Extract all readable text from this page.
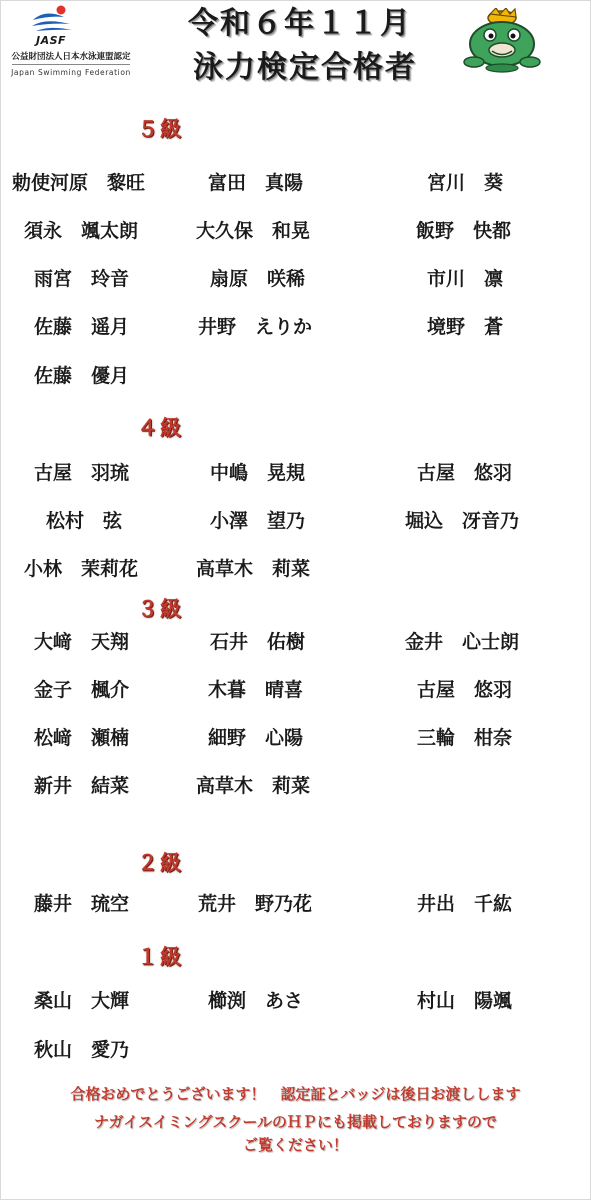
JASF
公益財団法人日本水泳連盟認定
Japan Swimming Federation
令和６年１１月
泳力検定合格者
５級
勅使河原　黎旺	富田　真陽	宮川　葵
須永　颯太朗	大久保　和晃	飯野　快都
雨宮　玲音	扇原　咲稀	市川　凛
佐藤　遥月	井野　えりか	境野　蒼
佐藤　優月
４級
古屋　羽琉	中嶋　晃規	古屋　悠羽
松村　弦	小澤　望乃	堀込　冴音乃
小林　茉莉花	高草木　莉菜
３級
大﨑　天翔	石井　佑樹	金井　心士朗
金子　楓介	木暮　晴喜	古屋　悠羽
松﨑　瀬楠	細野　心陽	三輪　柑奈
新井　結菜	高草木　莉菜
２級
藤井　琉空	荒井　野乃花	井出　千紘
１級
桑山　大輝	櫛渕　あさ	村山　陽颯
秋山　愛乃
合格おめでとうございます！　認定証とバッジは後日お渡しします
ナガイスイミングスクールのＨＰにも掲載しておりますので
ご覧ください！
